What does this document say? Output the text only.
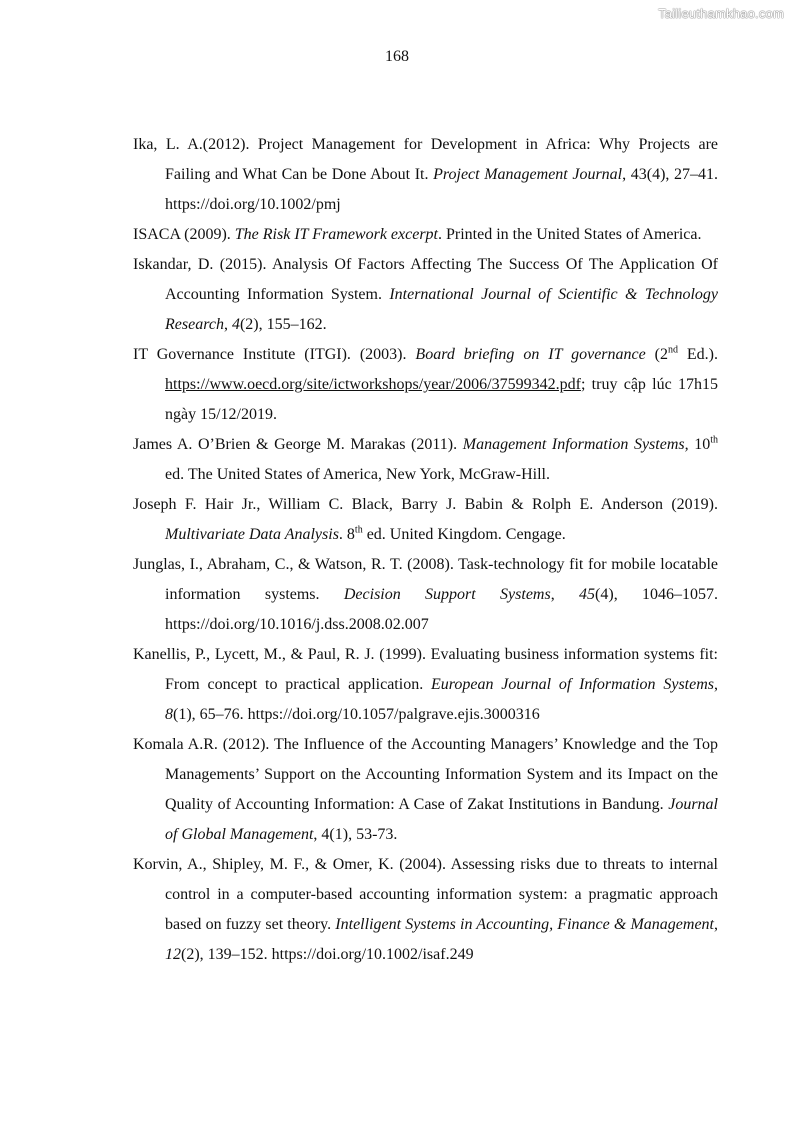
Tailieuthamkhao.com
168
Ika, L. A.(2012). Project Management for Development in Africa: Why Projects are Failing and What Can be Done About It. Project Management Journal, 43(4), 27–41. https://doi.org/10.1002/pmj
ISACA (2009). The Risk IT Framework excerpt. Printed in the United States of America.
Iskandar, D. (2015). Analysis Of Factors Affecting The Success Of The Application Of Accounting Information System. International Journal of Scientific & Technology Research, 4(2), 155–162.
IT Governance Institute (ITGI). (2003). Board briefing on IT governance (2nd Ed.). https://www.oecd.org/site/ictworkshops/year/2006/37599342.pdf; truy cập lúc 17h15 ngày 15/12/2019.
James A. O’Brien & George M. Marakas (2011). Management Information Systems, 10th ed. The United States of America, New York, McGraw-Hill.
Joseph F. Hair Jr., William C. Black, Barry J. Babin & Rolph E. Anderson (2019). Multivariate Data Analysis. 8th ed. United Kingdom. Cengage.
Junglas, I., Abraham, C., & Watson, R. T. (2008). Task-technology fit for mobile locatable information systems. Decision Support Systems, 45(4), 1046–1057. https://doi.org/10.1016/j.dss.2008.02.007
Kanellis, P., Lycett, M., & Paul, R. J. (1999). Evaluating business information systems fit: From concept to practical application. European Journal of Information Systems, 8(1), 65–76. https://doi.org/10.1057/palgrave.ejis.3000316
Komala A.R. (2012). The Influence of the Accounting Managers’ Knowledge and the Top Managements’ Support on the Accounting Information System and its Impact on the Quality of Accounting Information: A Case of Zakat Institutions in Bandung. Journal of Global Management, 4(1), 53-73.
Korvin, A., Shipley, M. F., & Omer, K. (2004). Assessing risks due to threats to internal control in a computer-based accounting information system: a pragmatic approach based on fuzzy set theory. Intelligent Systems in Accounting, Finance & Management, 12(2), 139–152. https://doi.org/10.1002/isaf.249
